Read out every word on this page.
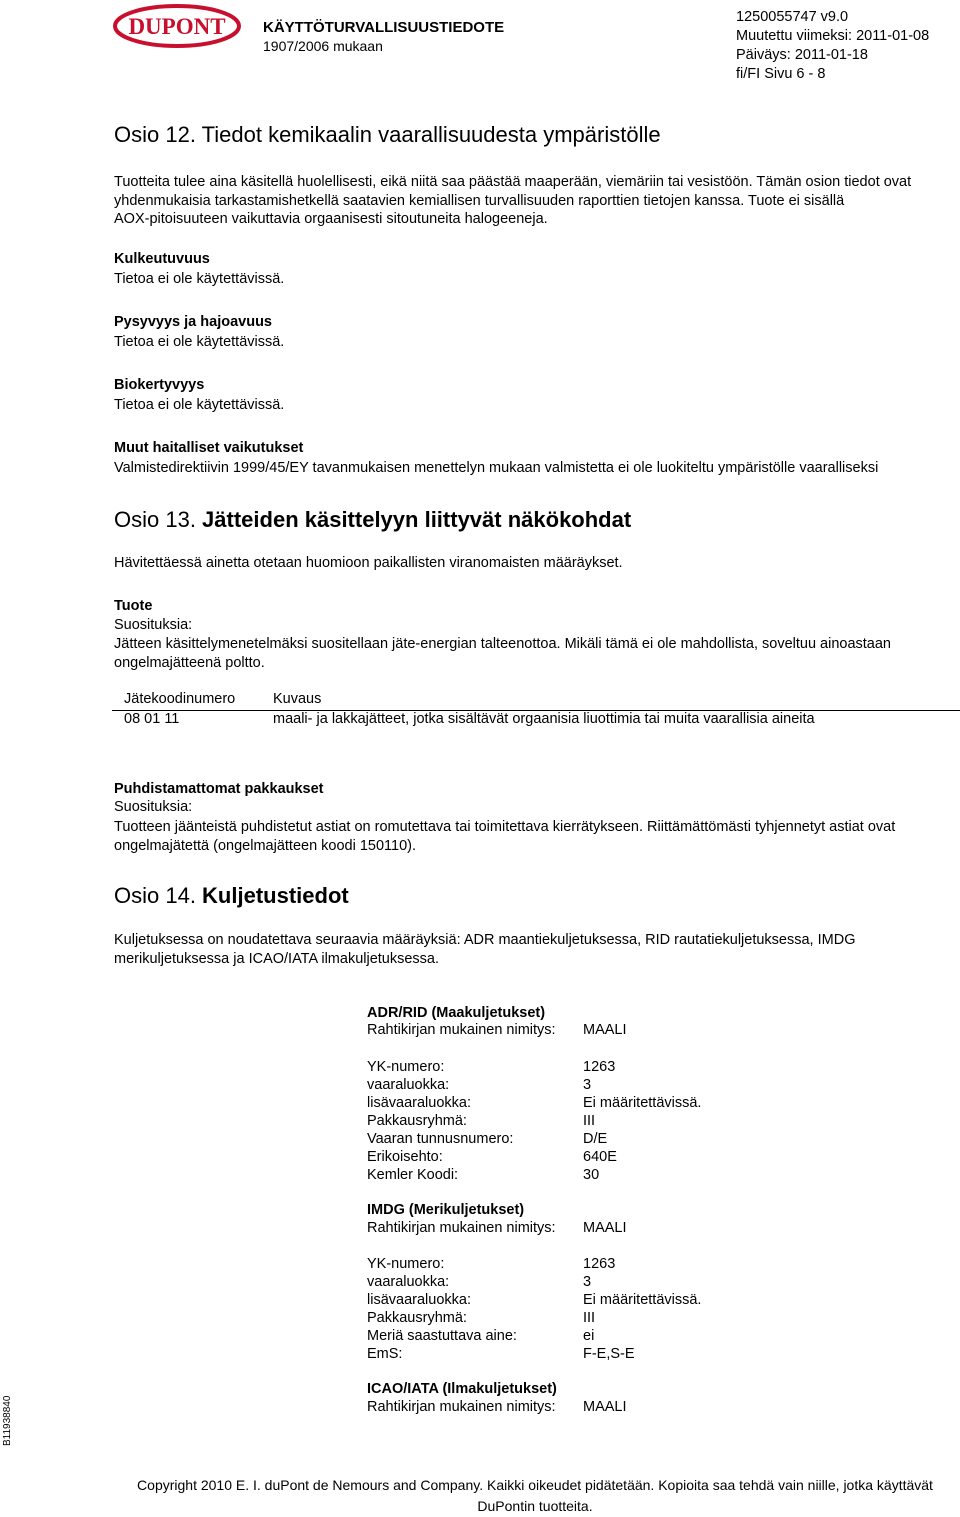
DUPONT KÄYTTÖTURVALLISUUSTIEDOTE
1907/2006 mukaan
1250055747 v9.0
Muutettu viimeksi: 2011-01-08
Päiväys: 2011-01-18
fi/FI Sivu 6 - 8
Osio 12. Tiedot kemikaalin vaarallisuudesta ympäristölle
Tuotteita tulee aina käsitellä huolellisesti, eikä niitä saa päästää maaperään, viemäriin tai vesistöön. Tämän osion tiedot ovat
yhdenmukaisia tarkastamishetkellä saatavien kemiallisen turvallisuuden raporttien tietojen kanssa. Tuote ei sisällä
AOX-pitoisuuteen vaikuttavia orgaanisesti sitoutuneita halogeeneja.
Kulkeutuvuus
Tietoa ei ole käytettävissä.
Pysyvyys ja hajoavuus
Tietoa ei ole käytettävissä.
Biokertyvyys
Tietoa ei ole käytettävissä.
Muut haitalliset vaikutukset
Valmistedirektiivin 1999/45/EY tavanmukaisen menettelyn mukaan valmistetta ei ole luokiteltu ympäristölle vaaralliseksi
Osio 13. Jätteiden käsittelyyn liittyvät näkökohdat
Hävitettäessä ainetta otetaan huomioon paikallisten viranomaisten määräykset.
Tuote
Suosituksia:
Jätteen käsittelymenetelmäksi suositellaan jäte-energian talteenottoa. Mikäli tämä ei ole mahdollista, soveltuu ainoastaan
ongelmajätteenä poltto.
Jätekoodinumero	Kuvaus
08 01 11	maali- ja lakkajätteet, jotka sisältävät orgaanisia liuottimia tai muita vaarallisia aineita
Puhdistamattomat pakkaukset
Suosituksia:
Tuotteen jäänteistä puhdistetut astiat on romutettava tai toimitettava kierrätykseen. Riittämättömästi tyhjennetyt astiat ovat
ongelmajätettä (ongelmajätteen koodi 150110).
Osio 14. Kuljetustiedot
Kuljetuksessa on noudatettava seuraavia määräyksiä: ADR maantiekuljetuksessa, RID rautatiekuljetuksessa, IMDG
merikuljetuksessa ja ICAO/IATA ilmakuljetuksessa.
ADR/RID (Maakuljetukset)
Rahtikirjan mukainen nimitys: MAALI
YK-numero:	1263
vaaraluokka:	3
lisävaaraluokka:	Ei määritettävissä.
Pakkausryhmä:	III
Vaaran tunnusnumero:	D/E
Erikoisehto:	640E
Kemler Koodi:	30
IMDG (Merikuljetukset)
Rahtikirjan mukainen nimitys: MAALI
YK-numero:	1263
vaaraluokka:	3
lisävaaraluokka:	Ei määritettävissä.
Pakkausryhmä:	III
Meriä saastuttava aine:	ei
EmS:	F-E,S-E
ICAO/IATA (Ilmakuljetukset)
Rahtikirjan mukainen nimitys: MAALI
B11938840
Copyright 2010 E. I. duPont de Nemours and Company. Kaikki oikeudet pidätetään. Kopioita saa tehdä vain niille, jotka käyttävät
DuPontin tuotteita.
